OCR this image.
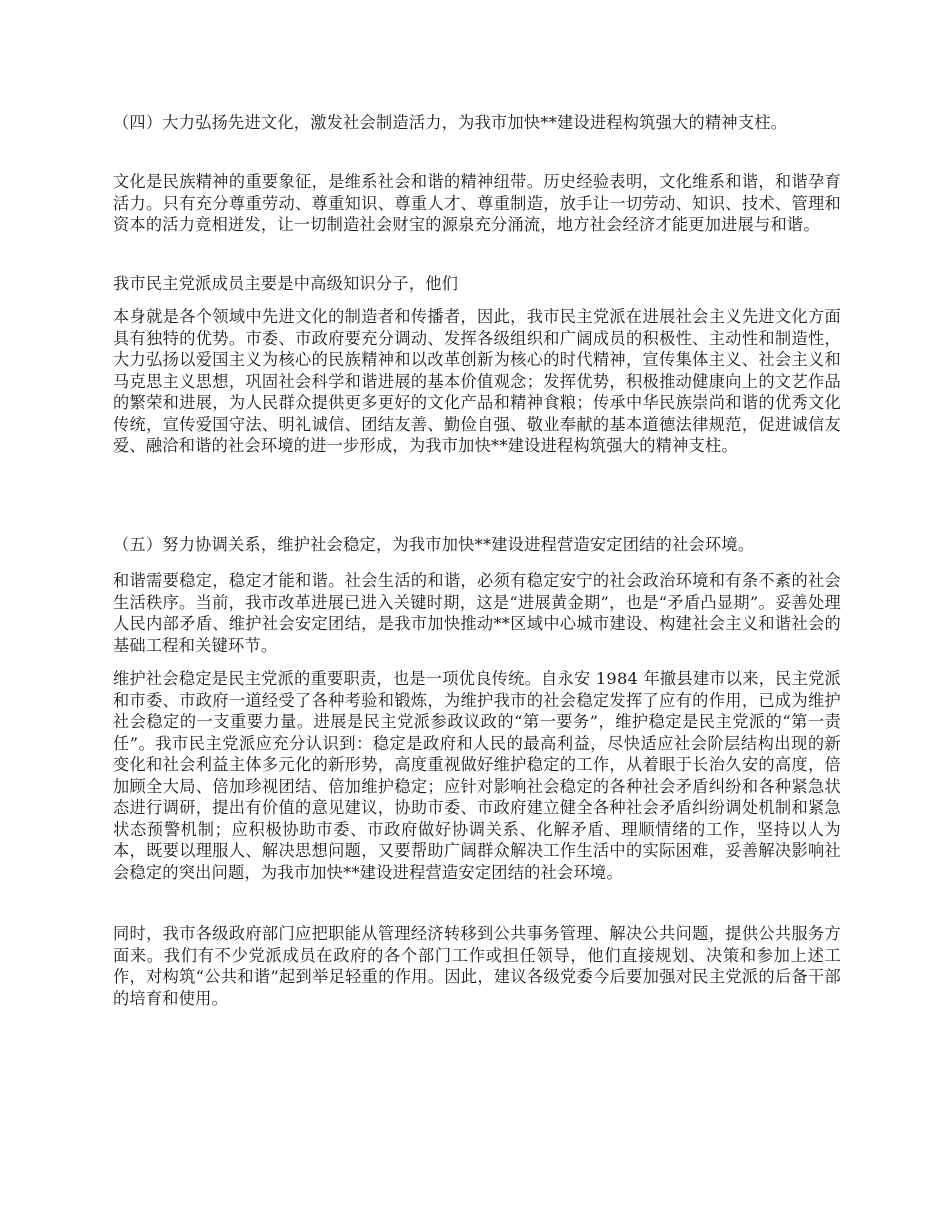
（四）大力弘扬先进文化，激发社会制造活力，为我市加快**建设进程构筑强大的精神支柱。

文化是民族精神的重要象征，是维系社会和谐的精神纽带。历史经验表明，文化维系和谐，和谐孕育活力。只有充分尊重劳动、尊重知识、尊重人才、尊重制造，放手让一切劳动、知识、技术、管理和资本的活力竞相迸发，让一切制造社会财宝的源泉充分涌流，地方社会经济才能更加进展与和谐。

我市民主党派成员主要是中高级知识分子，他们

本身就是各个领域中先进文化的制造者和传播者，因此，我市民主党派在进展社会主义先进文化方面具有独特的优势。市委、市政府要充分调动、发挥各级组织和广阔成员的积极性、主动性和制造性，大力弘扬以爱国主义为核心的民族精神和以改革创新为核心的时代精神，宣传集体主义、社会主义和马克思主义思想，巩固社会科学和谐进展的基本价值观念；发挥优势，积极推动健康向上的文艺作品的繁荣和进展，为人民群众提供更多更好的文化产品和精神食粮；传承中华民族崇尚和谐的优秀文化传统，宣传爱国守法、明礼诚信、团结友善、勤俭自强、敬业奉献的基本道德法律规范，促进诚信友爱、融洽和谐的社会环境的进一步形成，为我市加快**建设进程构筑强大的精神支柱。

（五）努力协调关系，维护社会稳定，为我市加快**建设进程营造安定团结的社会环境。

和谐需要稳定，稳定才能和谐。社会生活的和谐，必须有稳定安宁的社会政治环境和有条不紊的社会生活秩序。当前，我市改革进展已进入关键时期，这是“进展黄金期”，也是“矛盾凸显期”。妥善处理人民内部矛盾、维护社会安定团结，是我市加快推动**区域中心城市建设、构建社会主义和谐社会的基础工程和关键环节。

维护社会稳定是民主党派的重要职责，也是一项优良传统。自永安 1984 年撤县建市以来，民主党派和市委、市政府一道经受了各种考验和锻炼，为维护我市的社会稳定发挥了应有的作用，已成为维护社会稳定的一支重要力量。进展是民主党派参政议政的“第一要务”，维护稳定是民主党派的“第一责任”。我市民主党派应充分认识到：稳定是政府和人民的最高利益，尽快适应社会阶层结构出现的新变化和社会利益主体多元化的新形势，高度重视做好维护稳定的工作，从着眼于长治久安的高度，倍加顾全大局、倍加珍视团结、倍加维护稳定；应针对影响社会稳定的各种社会矛盾纠纷和各种紧急状态进行调研，提出有价值的意见建议，协助市委、市政府建立健全各种社会矛盾纠纷调处机制和紧急状态预警机制；应积极协助市委、市政府做好协调关系、化解矛盾、理顺情绪的工作，坚持以人为本，既要以理服人、解决思想问题，又要帮助广阔群众解决工作生活中的实际困难，妥善解决影响社会稳定的突出问题，为我市加快**建设进程营造安定团结的社会环境。

同时，我市各级政府部门应把职能从管理经济转移到公共事务管理、解决公共问题，提供公共服务方面来。我们有不少党派成员在政府的各个部门工作或担任领导，他们直接规划、决策和参加上述工作，对构筑“公共和谐”起到举足轻重的作用。因此，建议各级党委今后要加强对民主党派的后备干部的培育和使用。
